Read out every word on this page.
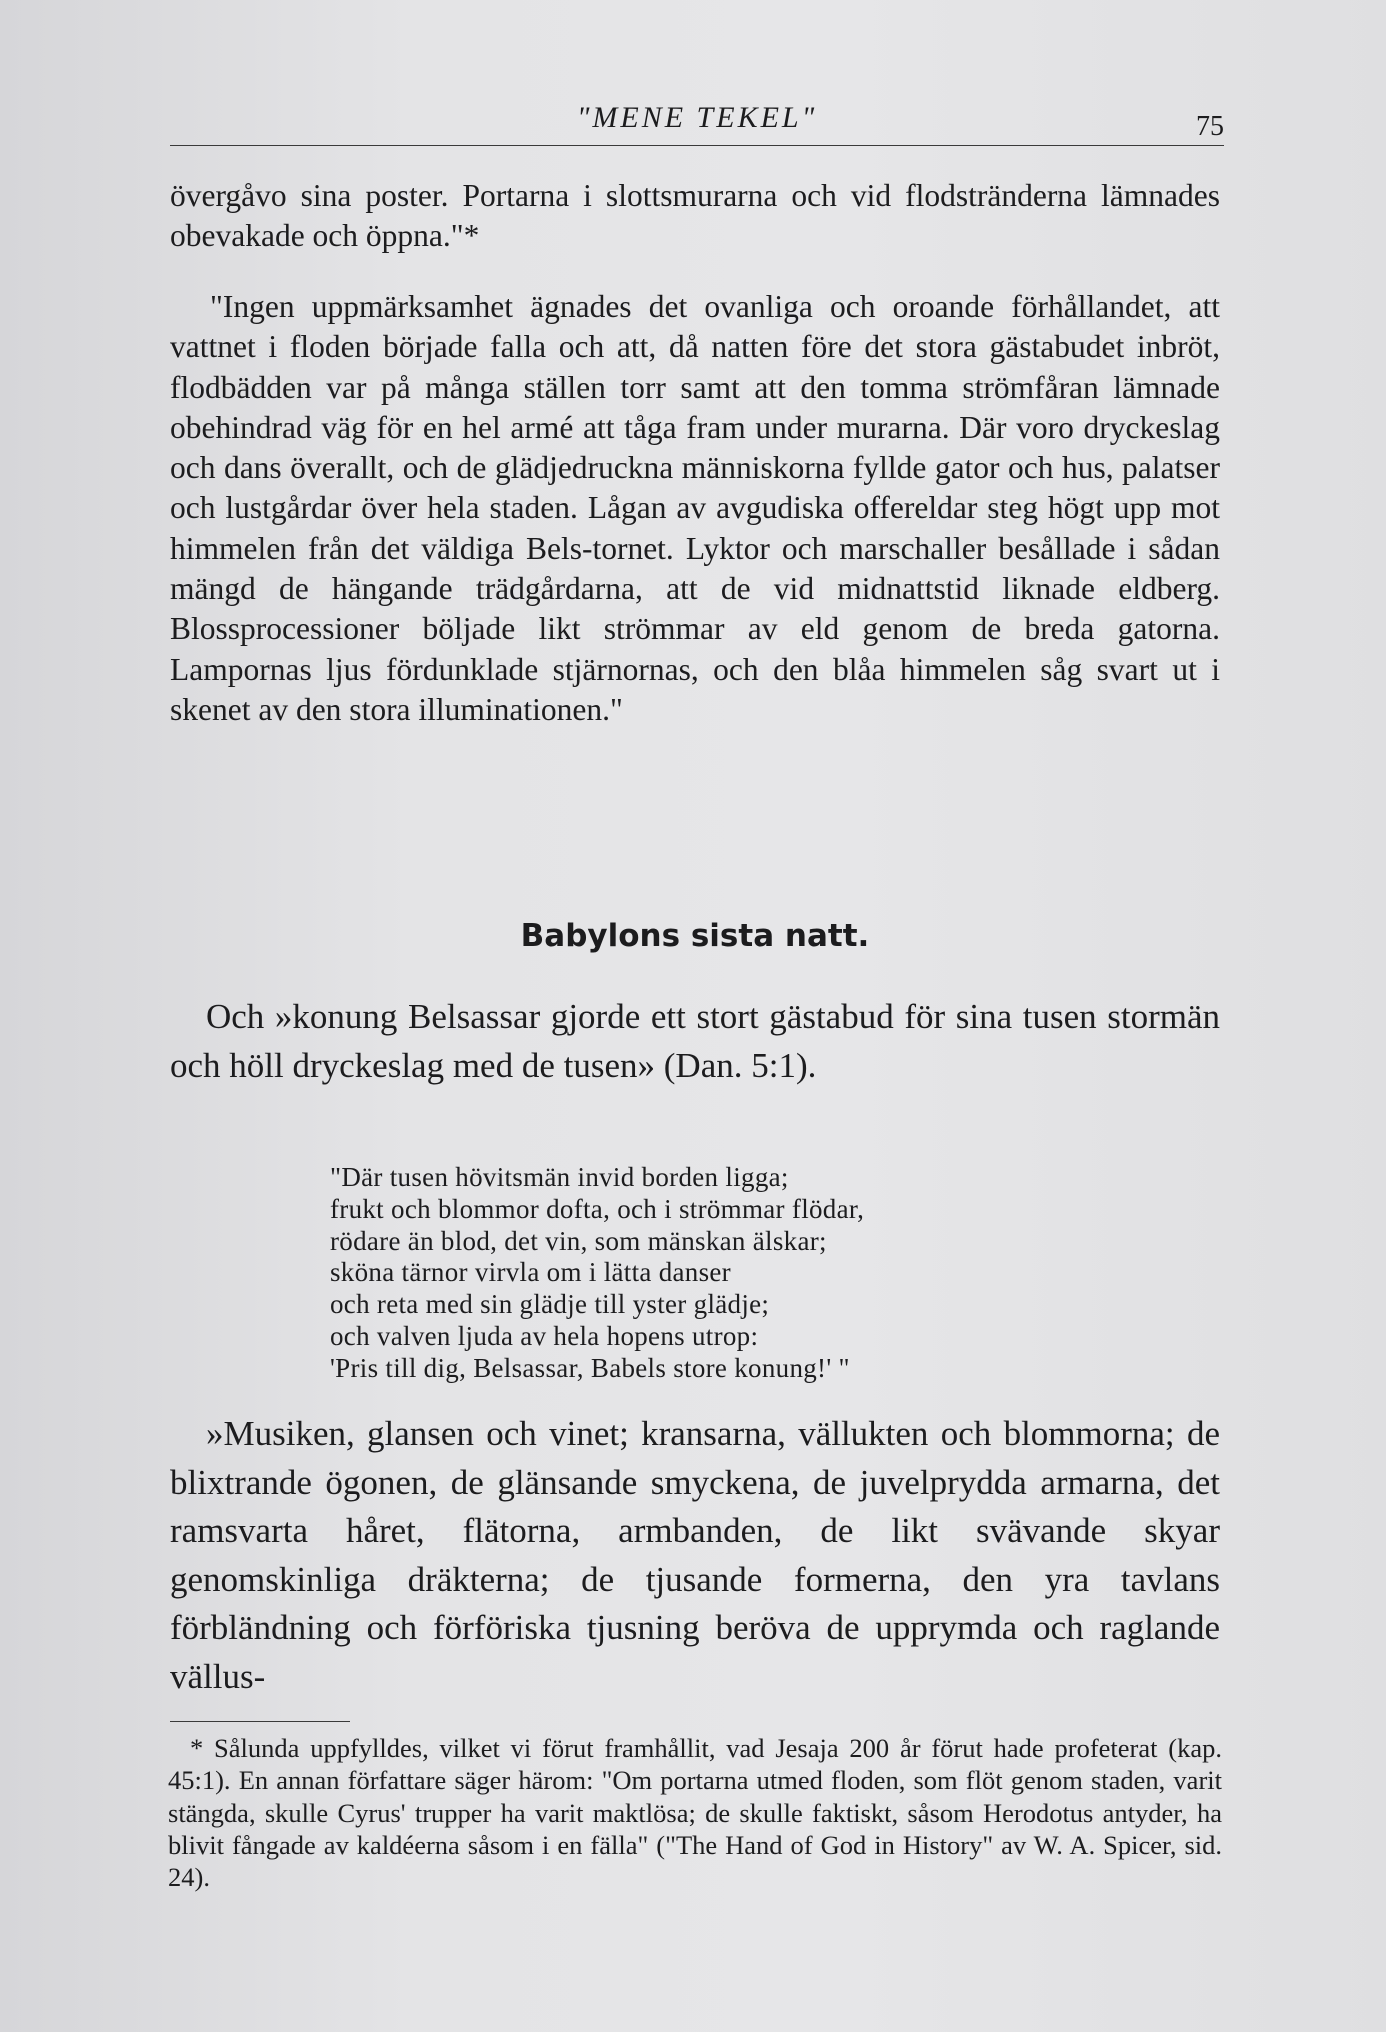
"MENE TEKEL"	75

övergåvo sina poster. Portarna i slottsmurarna och vid flodstränderna lämnades obevakade och öppna."*

"Ingen uppmärksamhet ägnades det ovanliga och oroande förhållandet, att vattnet i floden började falla och att, då natten före det stora gästabudet inbröt, flodbädden var på många ställen torr samt att den tomma strömfåran lämnade obehindrad väg för en hel armé att tåga fram under murarna. Där voro dryckeslag och dans överallt, och de glädjedruckna människorna fyllde gator och hus, palatser och lustgårdar över hela staden. Lågan av avgudiska offereldar steg högt upp mot himmelen från det väldiga Bels-tornet. Lyktor och marschaller besållade i sådan mängd de hängande trädgårdarna, att de vid midnattstid liknade eldberg. Blossprocessioner böljade likt strömmar av eld genom de breda gatorna. Lampornas ljus fördunklade stjärnornas, och den blåa himmelen såg svart ut i skenet av den stora illuminationen."

Babylons sista natt.

Och »konung Belsassar gjorde ett stort gästabud för sina tusen stormän och höll dryckeslag med de tusen» (Dan. 5:1).

"Där tusen hövitsmän invid borden ligga;
frukt och blommor dofta, och i strömmar flödar,
rödare än blod, det vin, som mänskan älskar;
sköna tärnor virvla om i lätta danser
och reta med sin glädje till yster glädje;
och valven ljuda av hela hopens utrop:
'Pris till dig, Belsassar, Babels store konung!' "

»Musiken, glansen och vinet; kransarna, vällukten och blommorna; de blixtrande ögonen, de glänsande smyckena, de juvelprydda armarna, det ramsvarta håret, flätorna, armbanden, de likt svävande skyar genomskinliga dräkterna; de tjusande formerna, den yra tavlans förbländning och förföriska tjusning beröva de upprymda och raglande vällus-

* Sålunda uppfylldes, vilket vi förut framhållit, vad Jesaja 200 år förut hade profeterat (kap. 45:1). En annan författare säger härom: "Om portarna utmed floden, som flöt genom staden, varit stängda, skulle Cyrus' trupper ha varit maktlösa; de skulle faktiskt, såsom Herodotus antyder, ha blivit fångade av kaldéerna såsom i en fälla" ("The Hand of God in History" av W. A. Spicer, sid. 24).
